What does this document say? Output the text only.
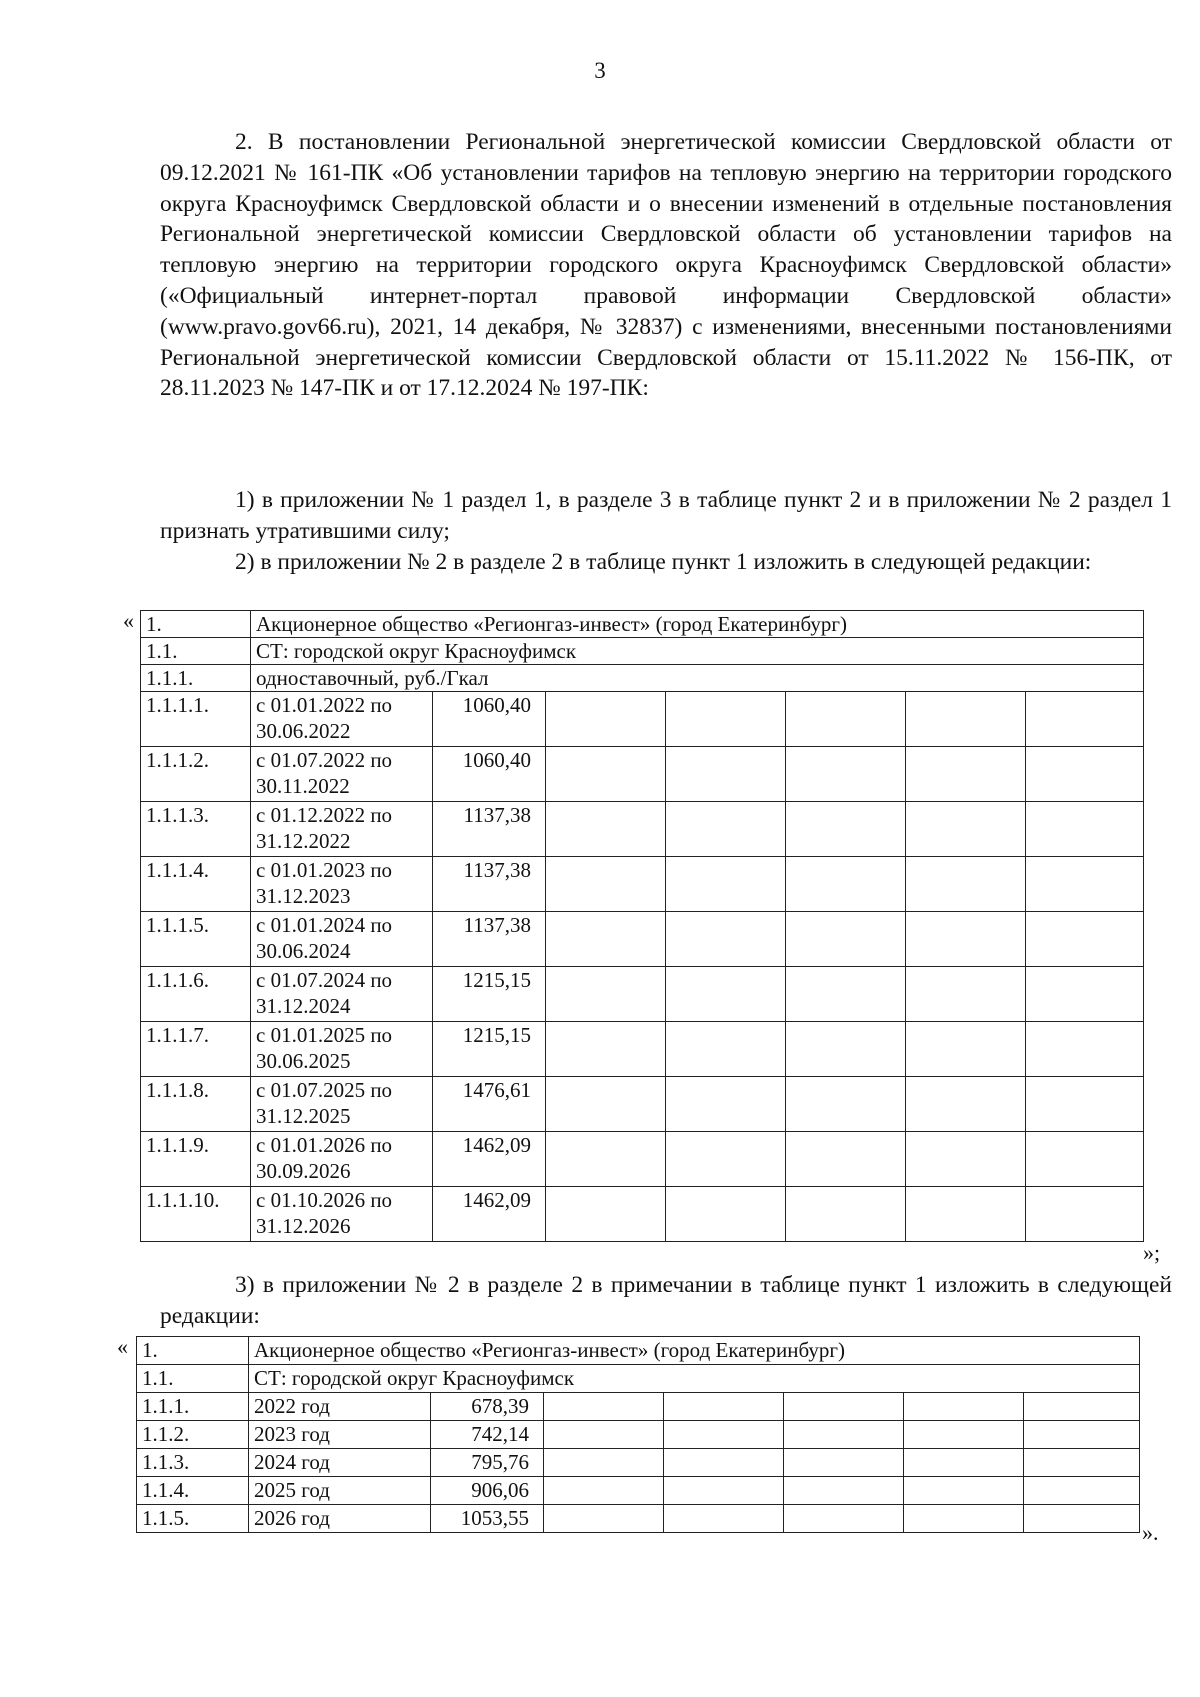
3

2. В постановлении Региональной энергетической комиссии Свердловской области от 09.12.2021 № 161-ПК «Об установлении тарифов на тепловую энергию на территории городского округа Красноуфимск Свердловской области и о внесении изменений в отдельные постановления Региональной энергетической комиссии Свердловской области об установлении тарифов на тепловую энергию на территории городского округа Красноуфимск Свердловской области» («Официальный интернет-портал правовой информации Свердловской области» (www.pravo.gov66.ru), 2021, 14 декабря, № 32837) с изменениями, внесенными постановлениями Региональной энергетической комиссии Свердловской области от 15.11.2022 № 156-ПК, от 28.11.2023 № 147-ПК и от 17.12.2024 № 197-ПК:

1) в приложении № 1 раздел 1, в разделе 3 в таблице пункт 2 и в приложении № 2 раздел 1 признать утратившими силу;

2) в приложении № 2 в разделе 2 в таблице пункт 1 изложить в следующей редакции:

« 1.	Акционерное общество «Регионгаз-инвест» (город Екатеринбург)						
1.1.	СТ: городской округ Красноуфимск						
1.1.1.	одноставочный, руб./Гкал						
1.1.1.1.	с 01.01.2022 по 30.06.2022	1060,40					
1.1.1.2.	с 01.07.2022 по 30.11.2022	1060,40					
1.1.1.3.	с 01.12.2022 по 31.12.2022	1137,38					
1.1.1.4.	с 01.01.2023 по 31.12.2023	1137,38					
1.1.1.5.	с 01.01.2024 по 30.06.2024	1137,38					
1.1.1.6.	с 01.07.2024 по 31.12.2024	1215,15					
1.1.1.7.	с 01.01.2025 по 30.06.2025	1215,15					
1.1.1.8.	с 01.07.2025 по 31.12.2025	1476,61					
1.1.1.9.	с 01.01.2026 по 30.09.2026	1462,09					
1.1.1.10.	с 01.10.2026 по 31.12.2026	1462,09					
»;

3) в приложении № 2 в разделе 2 в примечании в таблице пункт 1 изложить в следующей редакции:

« 1.	Акционерное общество «Регионгаз-инвест» (город Екатеринбург)						
1.1.	СТ: городской округ Красноуфимск						
1.1.1.	2022 год	678,39					
1.1.2.	2023 год	742,14					
1.1.3.	2024 год	795,76					
1.1.4.	2025 год	906,06					
1.1.5.	2026 год	1053,55					
».
